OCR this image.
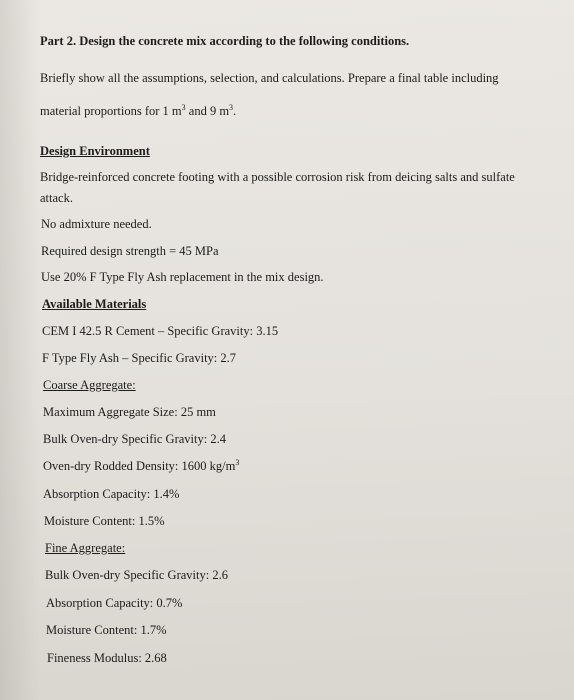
Part 2. Design the concrete mix according to the following conditions.
Briefly show all the assumptions, selection, and calculations. Prepare a final table including
material proportions for 1 $m^3$ and 9 $m^3$.
Design Environment
Bridge-reinforced concrete footing with a possible corrosion risk from deicing salts and sulfate
attack.
No admixture needed.
Required design strength = 45 MPa
Use 20% F Type Fly Ash replacement in the mix design.
Available Materials
CEM I 42.5 R Cement – Specific Gravity: 3.15
F Type Fly Ash – Specific Gravity: 2.7
Coarse Aggregate:
Maximum Aggregate Size: 25 mm
Bulk Oven-dry Specific Gravity: 2.4
Oven-dry Rodded Density: 1600 $kg/m^3$
Absorption Capacity: 1.4%
Moisture Content: 1.5%
Fine Aggregate:
Bulk Oven-dry Specific Gravity: 2.6
Absorption Capacity: 0.7%
Moisture Content: 1.7%
Fineness Modulus: 2.68
